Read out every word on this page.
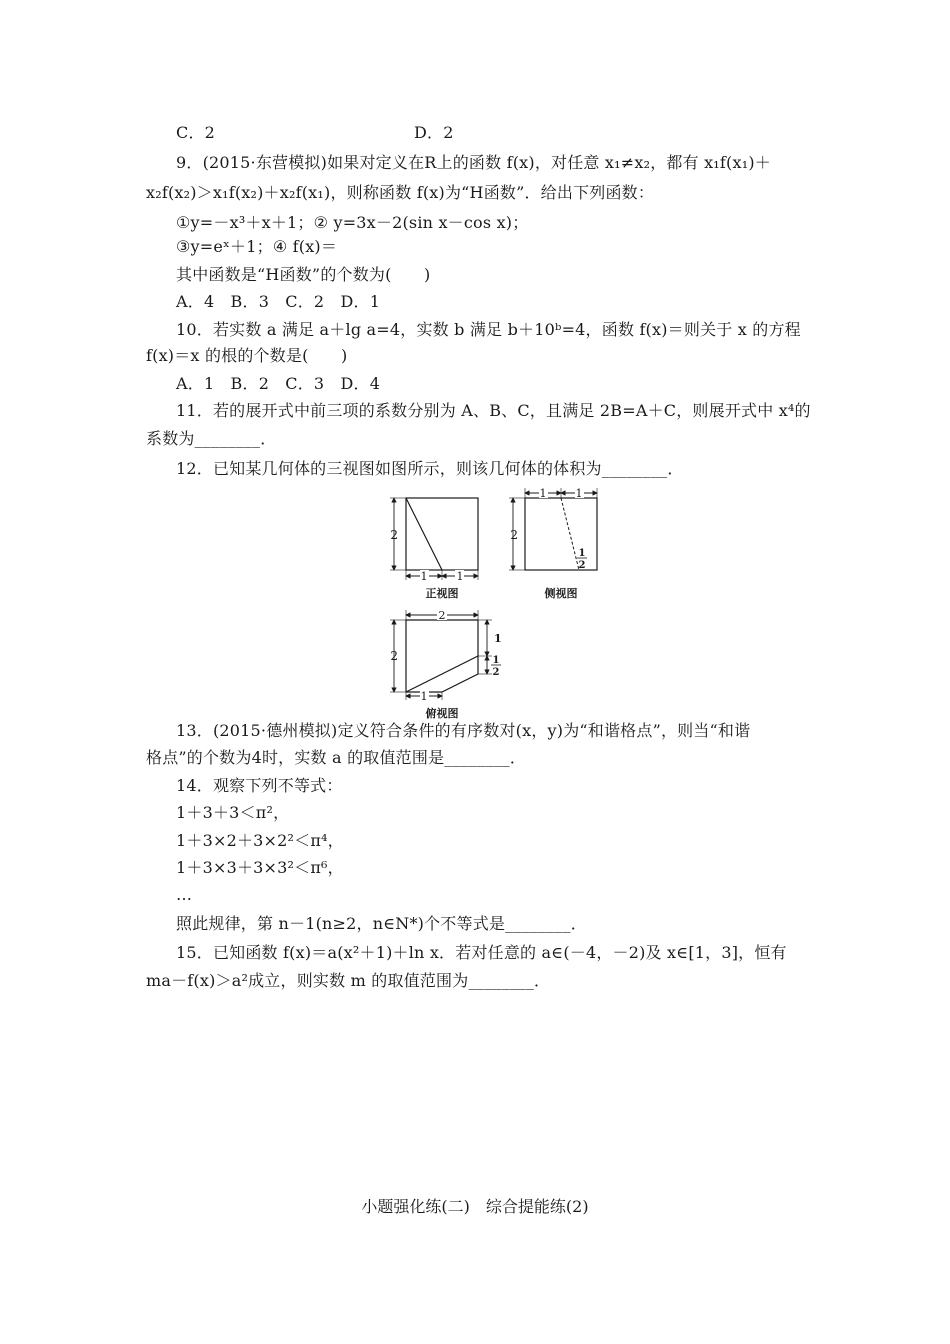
C．2	D．2
9．(2015·东营模拟)如果对定义在R上的函数 f(x)，对任意 x₁≠x₂，都有 x₁f(x₁)＋
x₂f(x₂)＞x₁f(x₂)＋x₂f(x₁)，则称函数 f(x)为“H函数”．给出下列函数：
①y=－x³＋x＋1；② y=3x－2(sin x－cos x)；
③y=eˣ＋1；④ f(x)＝
其中函数是“H函数”的个数为(　　)
A．4　B．3　C．2　D．1
10．若实数 a 满足 a＋lg a=4，实数 b 满足 b＋10ᵇ=4，函数 f(x)＝则关于 x 的方程
f(x)＝x 的根的个数是(　　)
A．1　B．2　C．3　D．4
11．若的展开式中前三项的系数分别为 A、B、C，且满足 2B=A＋C，则展开式中 x⁴的
系数为________．
12．已知某几何体的三视图如图所示，则该几何体的体积为________．
2
1	1
正视图
1	1
2
1
2
侧视图
2
2
1
1
2
1
俯视图
13．(2015·德州模拟)定义符合条件的有序数对(x，y)为“和谐格点”，则当“和谐
格点”的个数为4时，实数 a 的取值范围是________．
14．观察下列不等式：
1＋3＋3＜π²，
1＋3×2＋3×2²＜π⁴，
1＋3×3＋3×3²＜π⁶，
…
照此规律，第 n－1(n≥2，n∈N*)个不等式是________．
15．已知函数 f(x)＝a(x²＋1)＋ln x．若对任意的 a∈(－4，－2)及 x∈[1，3]，恒有
ma－f(x)＞a²成立，则实数 m 的取值范围为________．
小题强化练(二)　综合提能练(2)
